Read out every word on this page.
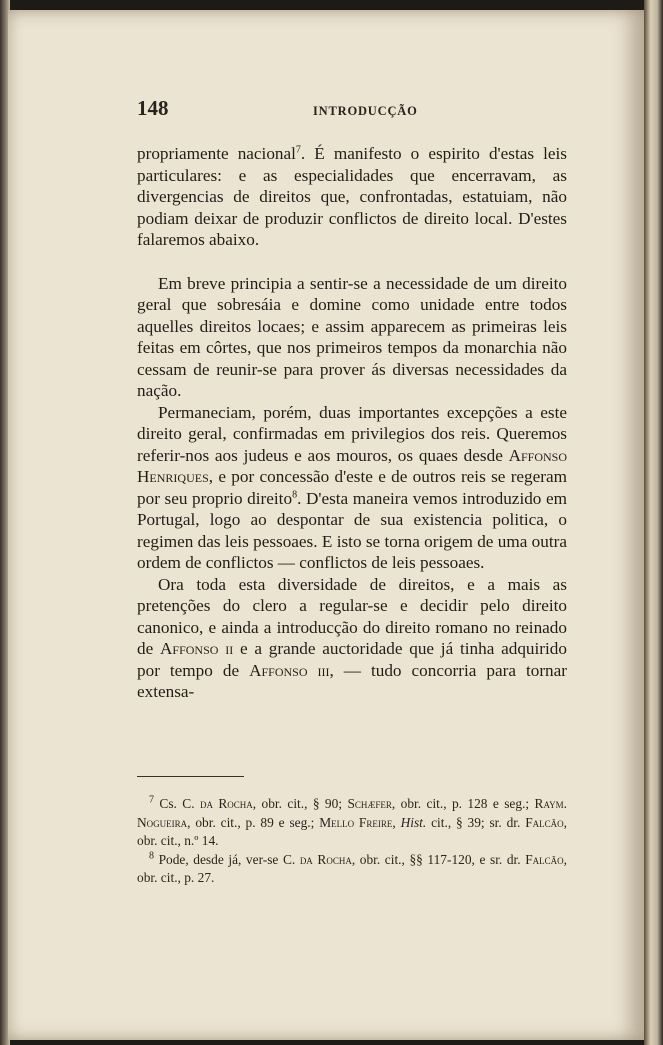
148	INTRODUCÇÃO

propriamente nacional$^7$. É manifesto o espirito d'estas leis particulares: e as especialidades que encerravam, as divergencias de direitos que, confrontadas, estatuiam, não podiam deixar de produzir conflictos de direito local. D'estes falaremos abaixo.

Em breve principia a sentir-se a necessidade de um direito geral que sobresáia e domine como unidade entre todos aquelles direitos locaes; e assim apparecem as primeiras leis feitas em côrtes, que nos primeiros tempos da monarchia não cessam de reunir-se para prover ás diversas necessidades da nação.

Permaneciam, porém, duas importantes excepções a este direito geral, confirmadas em privilegios dos reis. Queremos referir-nos aos judeus e aos mouros, os quaes desde Affonso Henriques, e por concessão d'este e de outros reis se regeram por seu proprio direito$^8$. D'esta maneira vemos introduzido em Portugal, logo ao despontar de sua existencia politica, o regimen das leis pessoaes. E isto se torna origem de uma outra ordem de conflictos — conflictos de leis pessoaes.

Ora toda esta diversidade de direitos, e a mais as pretenções do clero a regular-se e decidir pelo direito canonico, e ainda a introducção do direito romano no reinado de Affonso ii e a grande auctoridade que já tinha adquirido por tempo de Affonso iii, — tudo concorria para tornar extensa-

$^7$ Cs. C. da Rocha, obr. cit., § 90; Schæfer, obr. cit., p. 128 e seg.; Raym. Nogueira, obr. cit., p. 89 e seg.; Mello Freire, Hist. cit., § 39; sr. dr. Falcão, obr. cit., n.º 14.

$^8$ Pode, desde já, ver-se C. da Rocha, obr. cit., §§ 117-120, e sr. dr. Falcão, obr. cit., p. 27.
